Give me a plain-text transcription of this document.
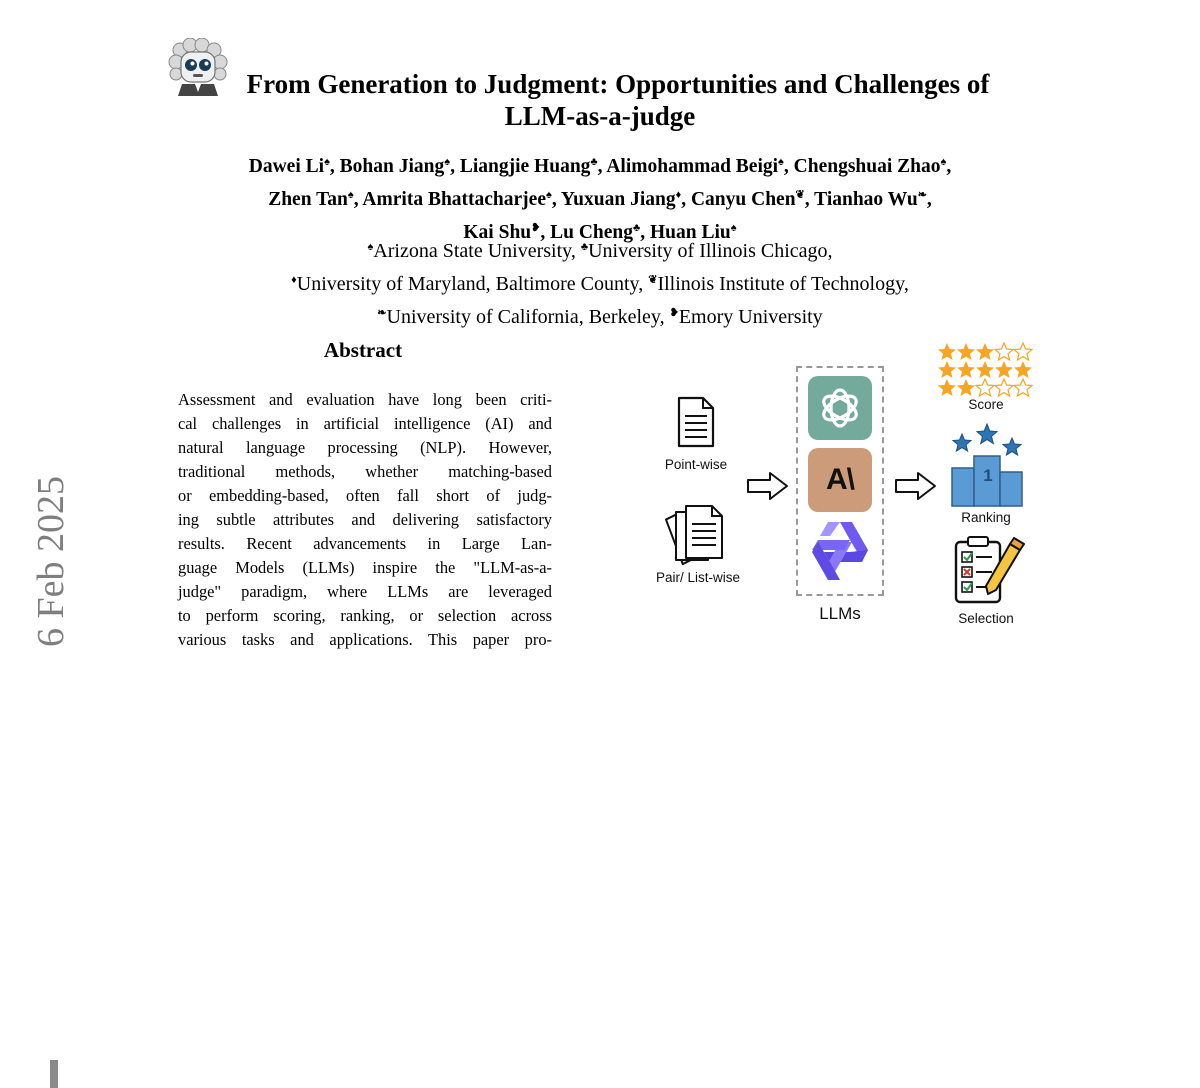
From Generation to Judgment: Opportunities and Challenges of
LLM-as-a-judge
Dawei Li♠, Bohan Jiang♠, Liangjie Huang♣, Alimohammad Beigi♠, Chengshuai Zhao♠,
Zhen Tan♠, Amrita Bhattacharjee♠, Yuxuan Jiang♦, Canyu Chen❦, Tianhao Wu❧,
Kai Shu❥, Lu Cheng♣, Huan Liu♠
♠Arizona State University, ♣University of Illinois Chicago,
♦University of Maryland, Baltimore County, ❦Illinois Institute of Technology,
❧University of California, Berkeley, ❥Emory University
Abstract
Assessment and evaluation have long been criti-
cal challenges in artificial intelligence (AI) and
natural language processing (NLP). However,
traditional methods, whether matching-based
or embedding-based, often fall short of judg-
ing subtle attributes and delivering satisfactory
results. Recent advancements in Large Lan-
guage Models (LLMs) inspire the "LLM-as-a-
judge" paradigm, where LLMs are leveraged
to perform scoring, ranking, or selection across
various tasks and applications. This paper pro-
6 Feb 2025
Point-wise
Pair/ List-wise
A\
LLMs
Score
1
Ranking
Selection
